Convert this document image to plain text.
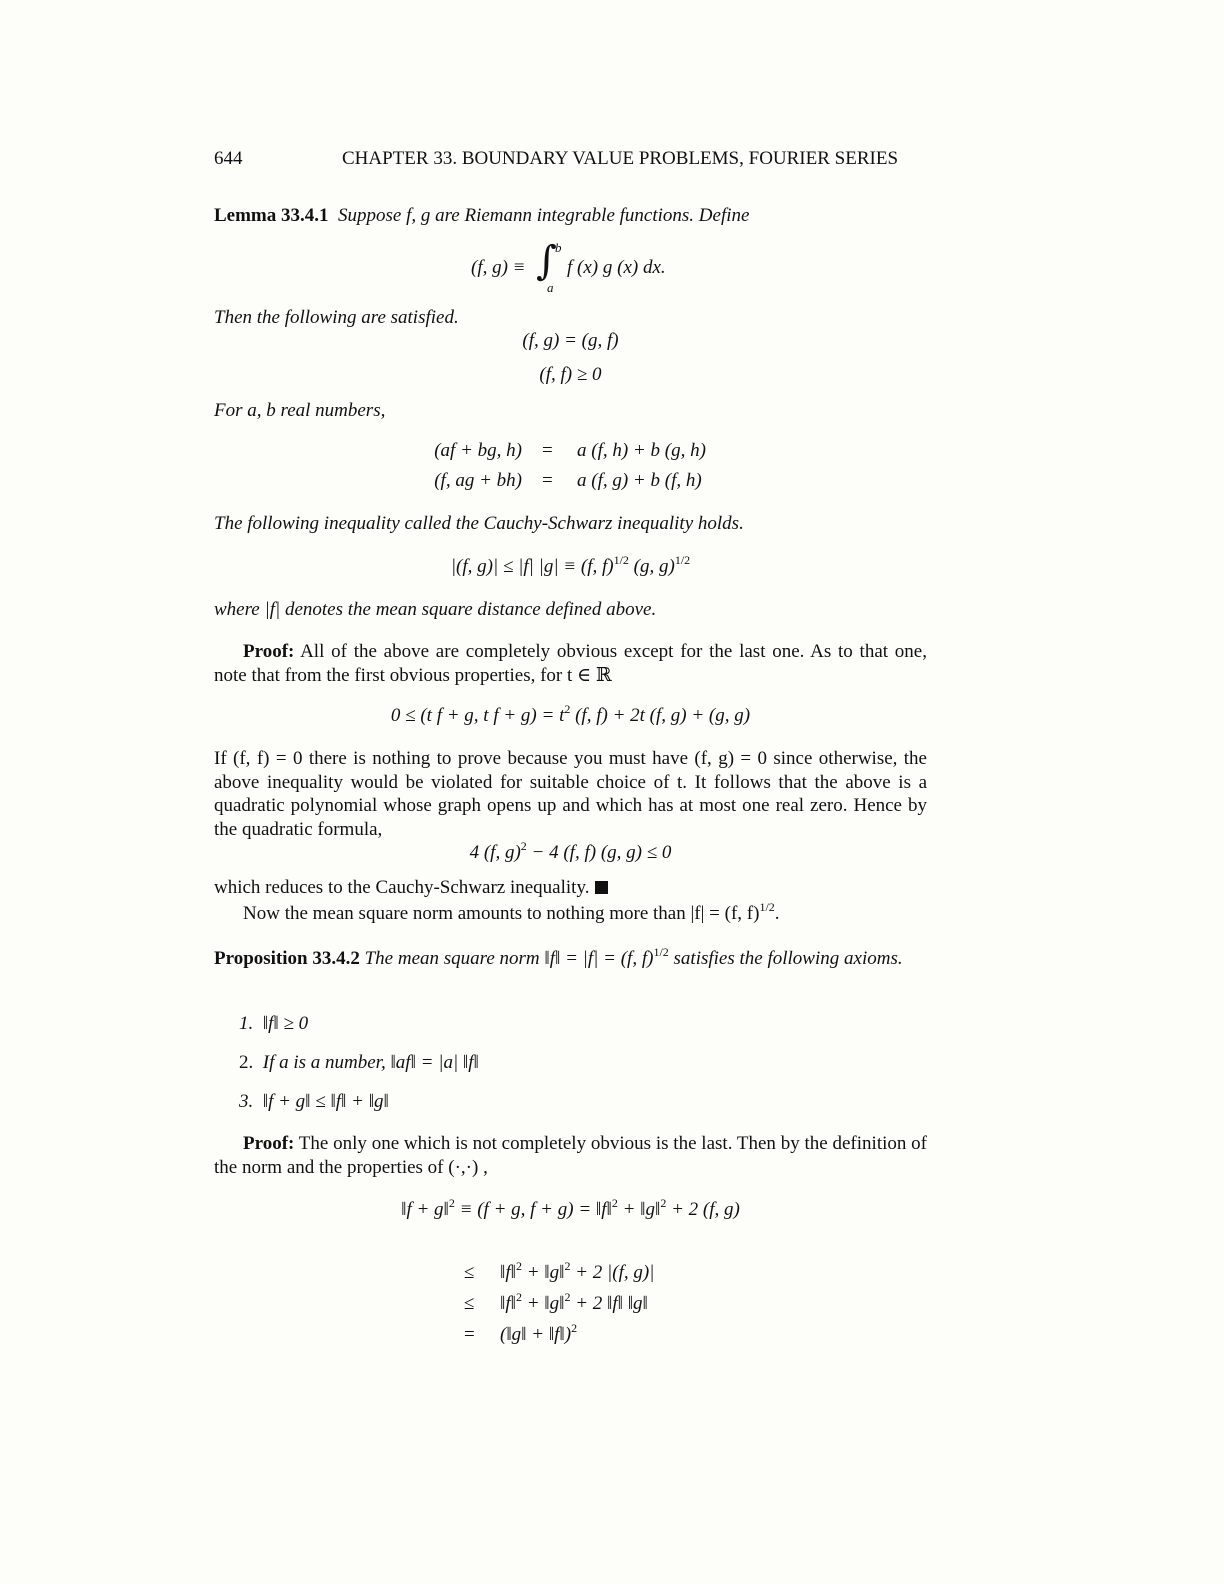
644	CHAPTER 33. BOUNDARY VALUE PROBLEMS, FOURIER SERIES
Lemma 33.4.1 Suppose f, g are Riemann integrable functions. Define
(f, g) ≡ ∫
b
a
f (x) g (x) dx.
Then the following are satisfied.
(f, g) = (g, f)
(f, f) ≥ 0
For a, b real numbers,
(af + bg, h) = a (f, h) + b (g, h)
(f, ag + bh) = a (f, g) + b (f, h)
The following inequality called the Cauchy-Schwarz inequality holds.
|(f, g)| ≤ |f| |g| ≡ (f, f)$^{1/2}$ (g, g)$^{1/2}$
where |f| denotes the mean square distance defined above.
Proof: All of the above are completely obvious except for the last one. As to that one, note that from the first obvious properties, for t ∈ ℝ
0 ≤ (t f + g, t $f + g) = t^2$ (f, f) + 2t (f, g) + (g, g)
If (f, f) = 0 there is nothing to prove because you must have (f, g) = 0 since otherwise, the above inequality would be violated for suitable choice of t. It follows that the above is a quadratic polynomial whose graph opens up and which has at most one real zero. Hence by the quadratic formula,
4 (f, g)$^2$ − 4 (f, f) (g, g) ≤ 0
which reduces to the Cauchy-Schwarz inequality.
Now the mean square norm amounts to nothing more than |f| = (f, f)$^{1/2}$.
Proposition 33.4.2 The mean square norm ‖f‖ = |f| = (f, f)$^{1/2}$ satisfies the following axioms.
1. ‖f‖ ≥ 0
2. If a is a number, ‖af‖ = |a| ‖f‖
3. ‖f + g‖ ≤ ‖f‖ + ‖g‖
Proof: The only one which is not completely obvious is the last. Then by the definition of the norm and the properties of (·,·) ,
‖f + g‖$^2$ ≡ (f + g, f + g) = ‖f‖$^2$ + ‖g‖$^2$ + 2 (f, g)
≤ ‖f‖$^2$ + ‖g‖$^2$ + 2 |(f, g)|
≤ ‖f‖$^2$ + ‖g‖$^2$ + 2 ‖f‖ ‖g‖
= (‖g‖ + ‖f‖)$^2$
